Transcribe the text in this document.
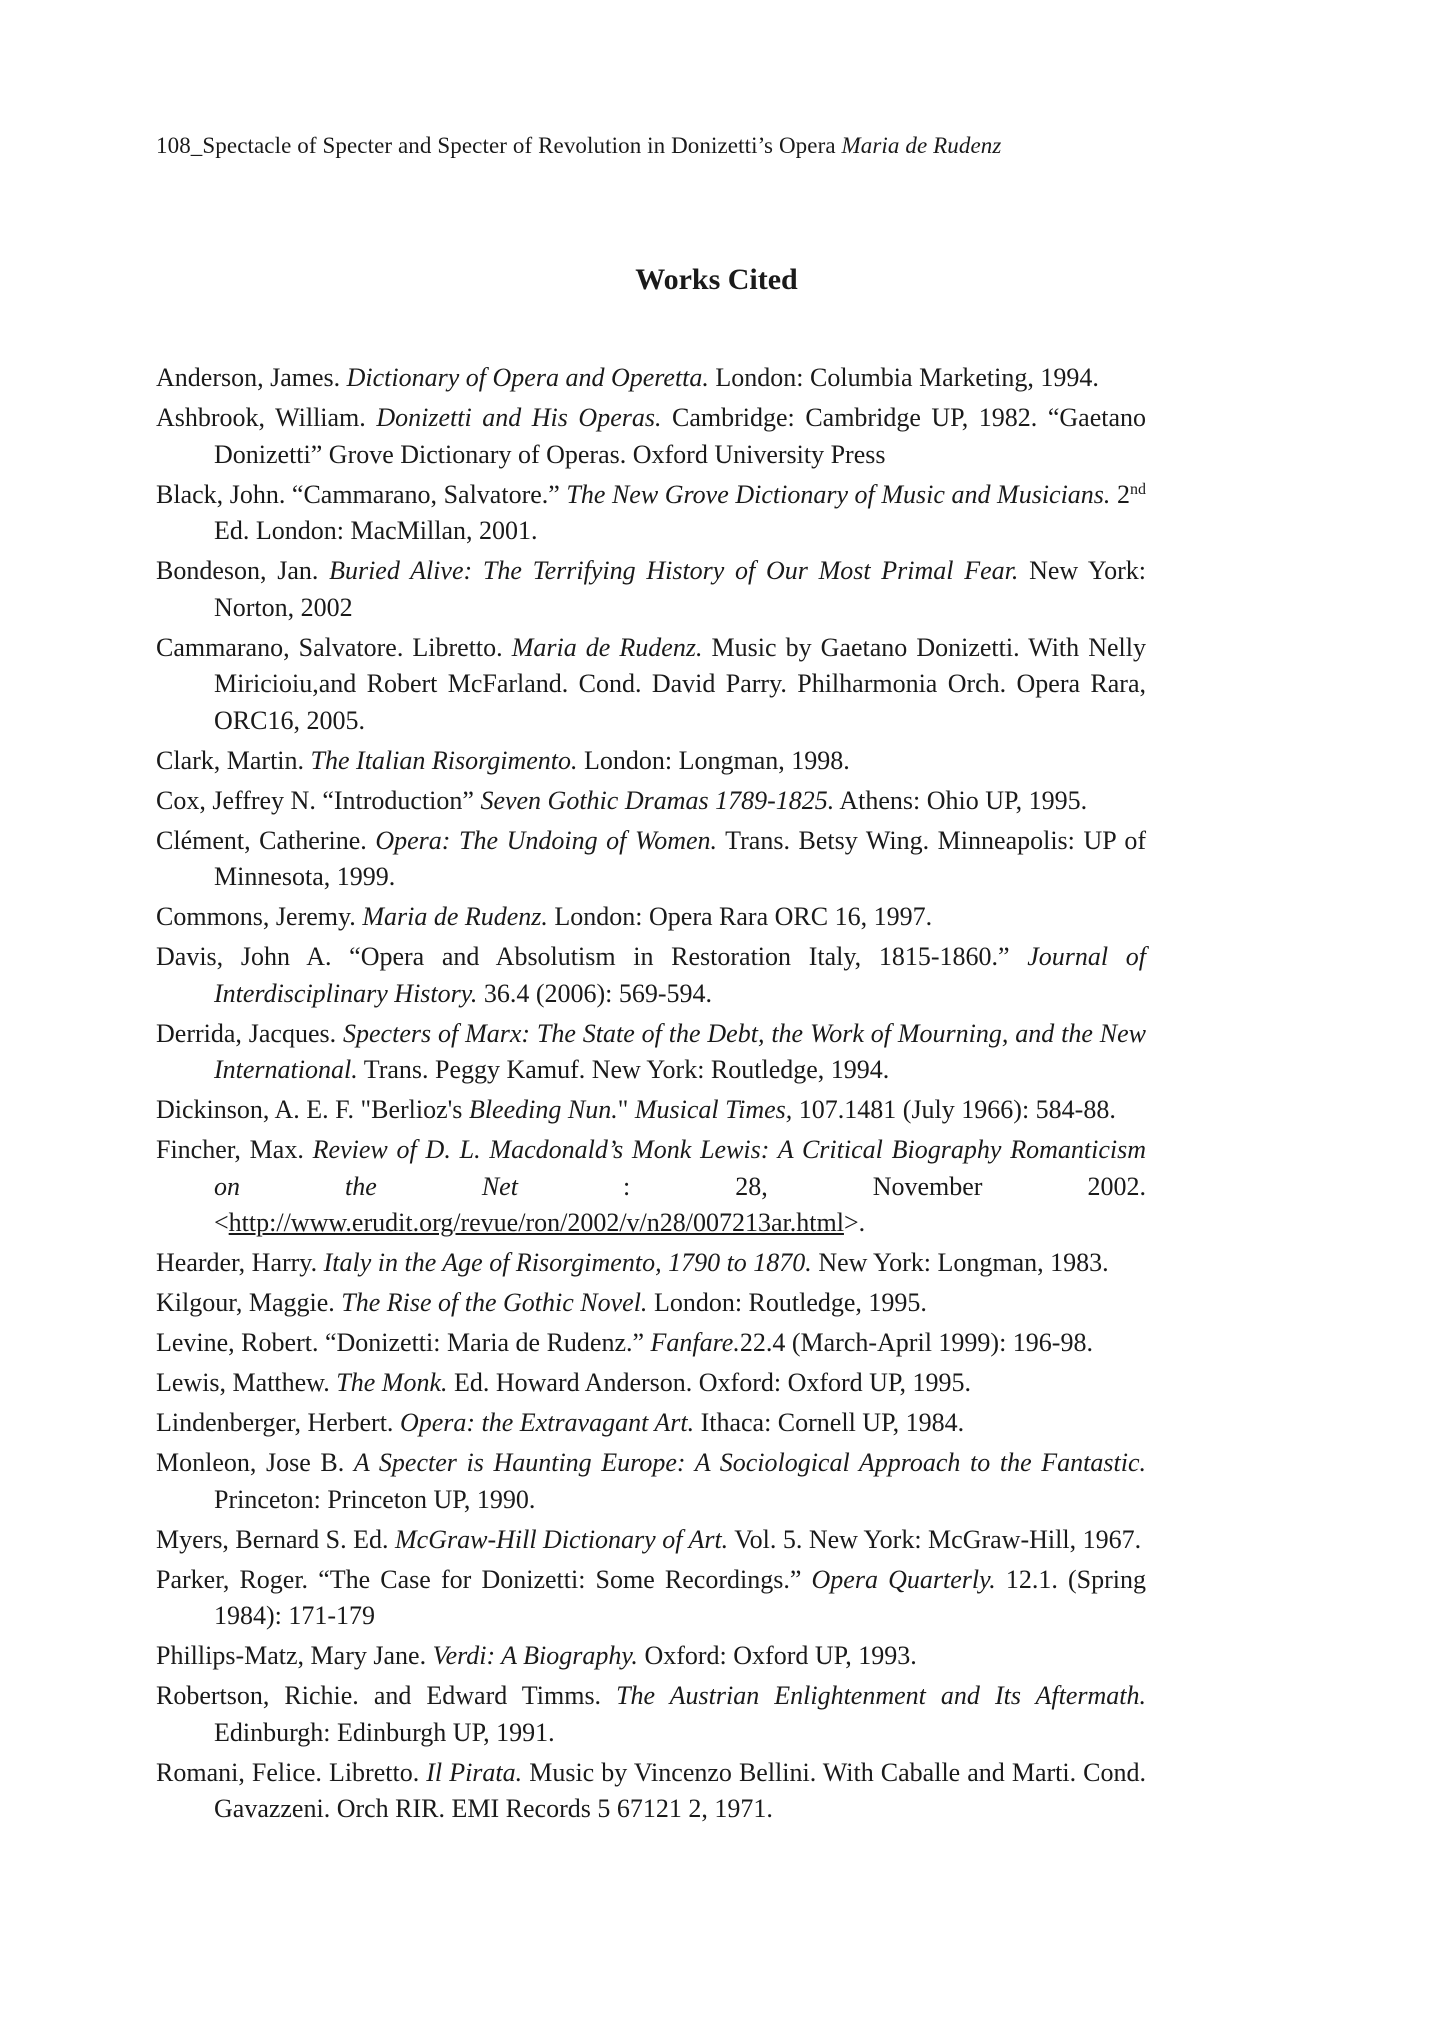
108_Spectacle of Specter and Specter of Revolution in Donizetti’s Opera Maria de Rudenz
Works Cited

Anderson, James. Dictionary of Opera and Operetta. London: Columbia Marketing, 1994.

Ashbrook, William. Donizetti and His Operas. Cambridge: Cambridge UP, 1982. “Gaetano Donizetti” Grove Dictionary of Operas. Oxford University Press

Black, John. “Cammarano, Salvatore.” The New Grove Dictionary of Music and Musicians. 2nd Ed. London: MacMillan, 2001.

Bondeson, Jan. Buried Alive: The Terrifying History of Our Most Primal Fear. New York: Norton, 2002

Cammarano, Salvatore. Libretto. Maria de Rudenz. Music by Gaetano Donizetti. With Nelly Miricioiu,and Robert McFarland. Cond. David Parry. Philharmonia Orch. Opera Rara, ORC16, 2005.

Clark, Martin. The Italian Risorgimento. London: Longman, 1998.

Cox, Jeffrey N. “Introduction” Seven Gothic Dramas 1789-1825. Athens: Ohio UP, 1995.

Clément, Catherine. Opera: The Undoing of Women. Trans. Betsy Wing. Minneapolis: UP of Minnesota, 1999.

Commons, Jeremy. Maria de Rudenz. London: Opera Rara ORC 16, 1997.

Davis, John A. “Opera and Absolutism in Restoration Italy, 1815-1860.” Journal of Interdisciplinary History. 36.4 (2006): 569-594.

Derrida, Jacques. Specters of Marx: The State of the Debt, the Work of Mourning, and the New International. Trans. Peggy Kamuf. New York: Routledge, 1994.

Dickinson, A. E. F. "Berlioz's Bleeding Nun." Musical Times, 107.1481 (July 1966): 584-88.

Fincher, Max. Review of D. L. Macdonald’s Monk Lewis: A Critical Biography Romanticism on the Net : 28, November 2002. <http://www.erudit.org/revue/ron/2002/v/n28/007213ar.html>.

Hearder, Harry. Italy in the Age of Risorgimento, 1790 to 1870. New York: Longman, 1983.

Kilgour, Maggie. The Rise of the Gothic Novel. London: Routledge, 1995.

Levine, Robert. “Donizetti: Maria de Rudenz.” Fanfare.22.4 (March-April 1999): 196-98.

Lewis, Matthew. The Monk. Ed. Howard Anderson. Oxford: Oxford UP, 1995.

Lindenberger, Herbert. Opera: the Extravagant Art. Ithaca: Cornell UP, 1984.

Monleon, Jose B. A Specter is Haunting Europe: A Sociological Approach to the Fantastic. Princeton: Princeton UP, 1990.

Myers, Bernard S. Ed. McGraw-Hill Dictionary of Art. Vol. 5. New York: McGraw-Hill, 1967.

Parker, Roger. “The Case for Donizetti: Some Recordings.” Opera Quarterly. 12.1. (Spring 1984): 171-179

Phillips-Matz, Mary Jane. Verdi: A Biography. Oxford: Oxford UP, 1993.

Robertson, Richie. and Edward Timms. The Austrian Enlightenment and Its Aftermath. Edinburgh: Edinburgh UP, 1991.

Romani, Felice. Libretto. Il Pirata. Music by Vincenzo Bellini. With Caballe and Marti. Cond. Gavazzeni. Orch RIR. EMI Records 5 67121 2, 1971.
